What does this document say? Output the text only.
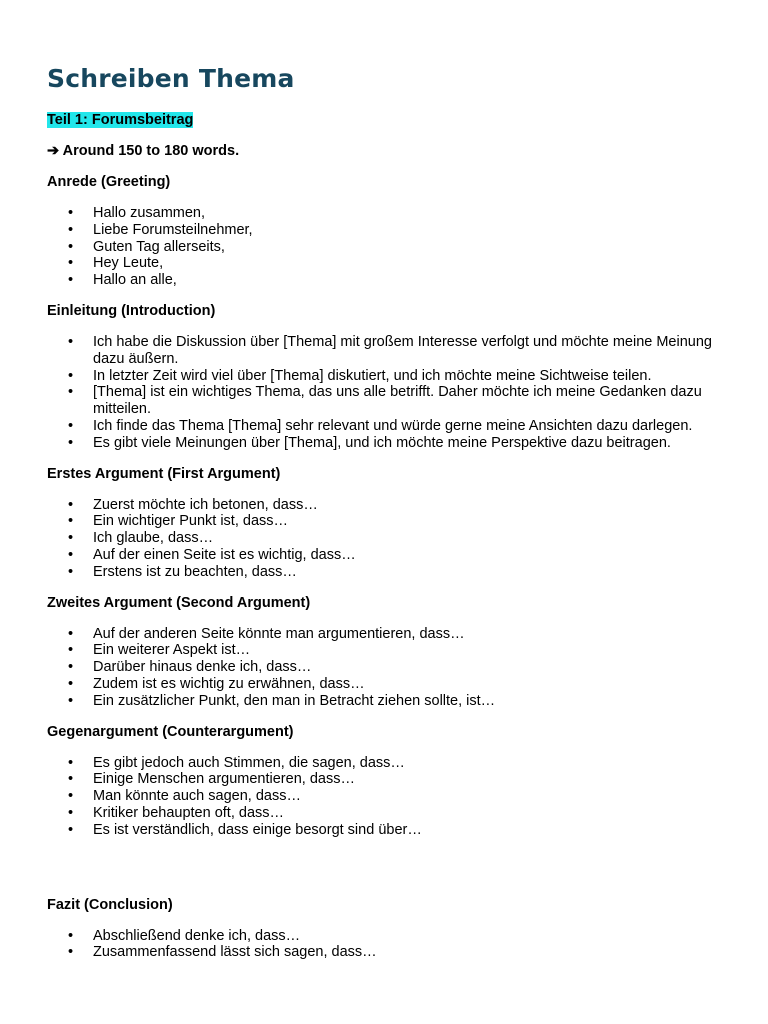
Schreiben Thema

Teil 1: Forumsbeitrag

➔ Around 150 to 180 words.

Anrede (Greeting)

• Hallo zusammen,
• Liebe Forumsteilnehmer,
• Guten Tag allerseits,
• Hey Leute,
• Hallo an alle,

Einleitung (Introduction)

• Ich habe die Diskussion über [Thema] mit großem Interesse verfolgt und möchte meine Meinung dazu äußern.
• In letzter Zeit wird viel über [Thema] diskutiert, und ich möchte meine Sichtweise teilen.
• [Thema] ist ein wichtiges Thema, das uns alle betrifft. Daher möchte ich meine Gedanken dazu mitteilen.
• Ich finde das Thema [Thema] sehr relevant und würde gerne meine Ansichten dazu darlegen.
• Es gibt viele Meinungen über [Thema], und ich möchte meine Perspektive dazu beitragen.

Erstes Argument (First Argument)

• Zuerst möchte ich betonen, dass…
• Ein wichtiger Punkt ist, dass…
• Ich glaube, dass…
• Auf der einen Seite ist es wichtig, dass…
• Erstens ist zu beachten, dass…

Zweites Argument (Second Argument)

• Auf der anderen Seite könnte man argumentieren, dass…
• Ein weiterer Aspekt ist…
• Darüber hinaus denke ich, dass…
• Zudem ist es wichtig zu erwähnen, dass…
• Ein zusätzlicher Punkt, den man in Betracht ziehen sollte, ist…

Gegenargument (Counterargument)

• Es gibt jedoch auch Stimmen, die sagen, dass…
• Einige Menschen argumentieren, dass…
• Man könnte auch sagen, dass…
• Kritiker behaupten oft, dass…
• Es ist verständlich, dass einige besorgt sind über…

Fazit (Conclusion)

• Abschließend denke ich, dass…
• Zusammenfassend lässt sich sagen, dass…
